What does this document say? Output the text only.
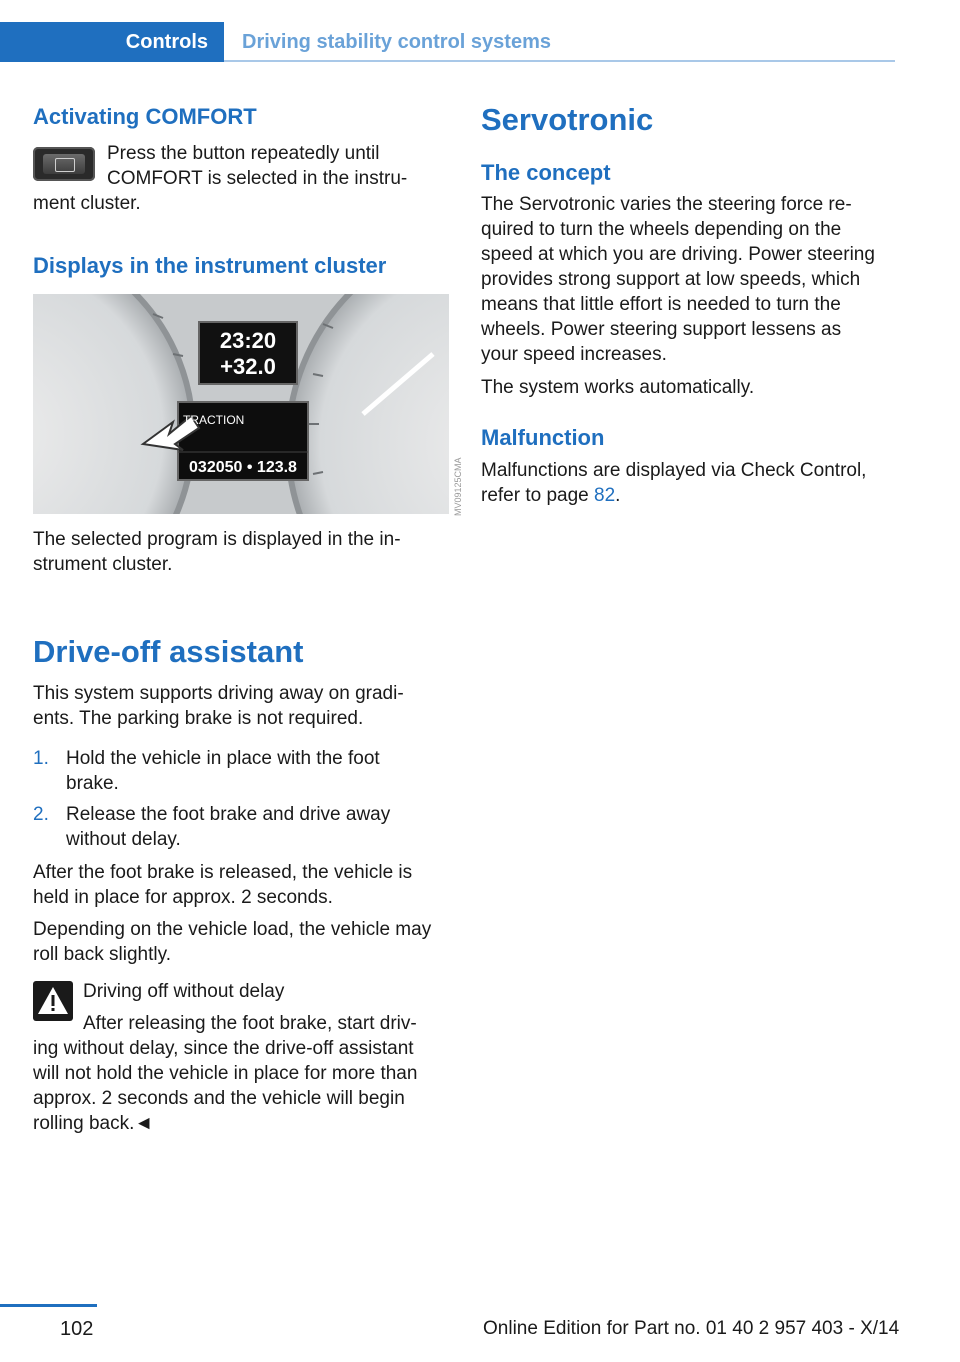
Controls	Driving stability control systems
Activating COMFORT

Press the button repeatedly until

COMFORT is selected in the instru‐

ment cluster.

Displays in the instrument cluster
23:20
+32.0
TRACTION
032050 • 123.8	MV09125CMA

The selected program is displayed in the in‐

strument cluster.

Drive-off assistant

This system supports driving away on gradi‐

ents. The parking brake is not required.

1. Hold the vehicle in place with the foot

brake.

2. Release the foot brake and drive away

without delay.

After the foot brake is released, the vehicle is

held in place for approx. 2 seconds.

Depending on the vehicle load, the vehicle may

roll back slightly.

Driving off without delay

After releasing the foot brake, start driv‐

ing without delay, since the drive-off assistant

will not hold the vehicle in place for more than

approx. 2 seconds and the vehicle will begin

rolling back.◄

Servotronic
The concept

The Servotronic varies the steering force re‐

quired to turn the wheels depending on the

speed at which you are driving. Power steering

provides strong support at low speeds, which

means that little effort is needed to turn the

wheels. Power steering support lessens as

your speed increases.

The system works automatically.

Malfunction

Malfunctions are displayed via Check Control,

refer to page 82.

102	Online Edition for Part no. 01 40 2 957 403 - X/14
